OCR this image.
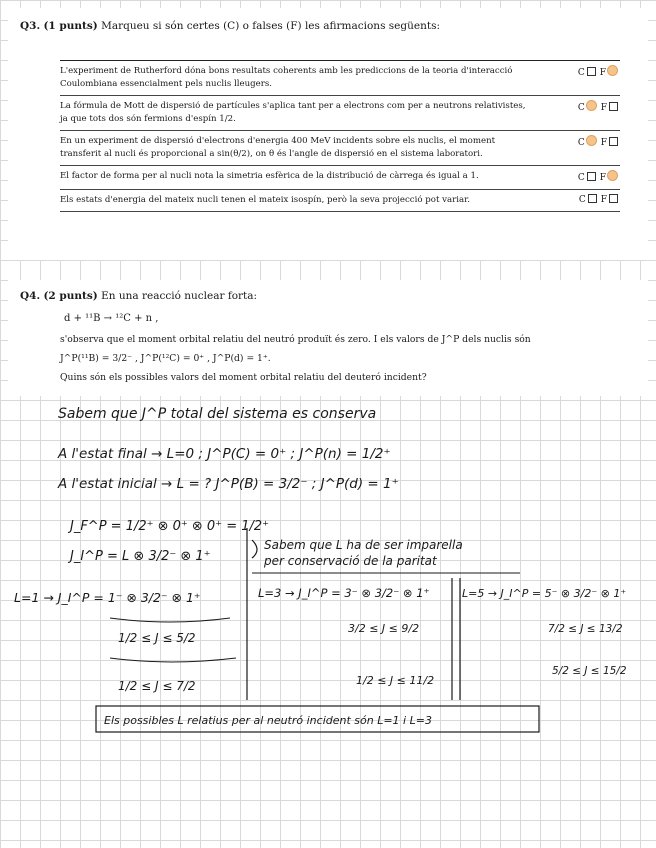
Q3. (1 punts) Marqueu si són certes (C) o falses (F) les afirmacions següents:
L'experiment de Rutherford dóna bons resultats coherents amb les prediccions de la teoria d'interacció Coulombiana essencialment pels nuclis lleugers.	C F
La fórmula de Mott de dispersió de partícules s'aplica tant per a electrons com per a neutrons relativistes, ja que tots dos són fermions d'espín 1/2.	C F
En un experiment de dispersió d'electrons d'energia 400 MeV incidents sobre els nuclis, el moment transferit al nucli és proporcional a sin(θ/2), on θ és l'angle de dispersió en el sistema laboratori.	C F
El factor de forma per al nucli nota la simetria esfèrica de la distribució de càrrega és igual a 1.	C F
Els estats d'energia del mateix nucli tenen el mateix isospín, però la seva projecció pot variar.	C F
Q4. (2 punts) En una reacció nuclear forta:
d + ¹¹B → ¹²C + n ,
s'observa que el moment orbital relatiu del neutró produït és zero. I els valors de J^P dels nuclis són
J^P(¹¹B) = 3/2⁻ , J^P(¹²C) = 0⁺ , J^P(d) = 1⁺.
Quins són els possibles valors del moment orbital relatiu del deuteró incident?
Sabem que J^P total del sistema es conserva
A l'estat final → L=0 ; J^P(C) = 0⁺ ; J^P(n) = 1/2⁺
A l'estat inicial → L = ? J^P(B) = 3/2⁻ ; J^P(d) = 1⁺
J_F^P = 1/2⁺ ⊗ 0⁺ ⊗ 0⁺ = 1/2⁺
J_I^P = L ⊗ 3/2⁻ ⊗ 1⁺
Sabem que L ha de ser imparella
per conservació de la paritat
L=1 → J_I^P = 1⁻ ⊗ 3/2⁻ ⊗ 1⁺
1/2 ≤ J ≤ 5/2
1/2 ≤ J ≤ 7/2
L=3 → J_I^P = 3⁻ ⊗ 3/2⁻ ⊗ 1⁺
3/2 ≤ J ≤ 9/2
1/2 ≤ J ≤ 11/2
L=5 → J_I^P = 5⁻ ⊗ 3/2⁻ ⊗ 1⁺
7/2 ≤ J ≤ 13/2
5/2 ≤ J ≤ 15/2
Els possibles L relatius per al neutró incident són L=1 i L=3
